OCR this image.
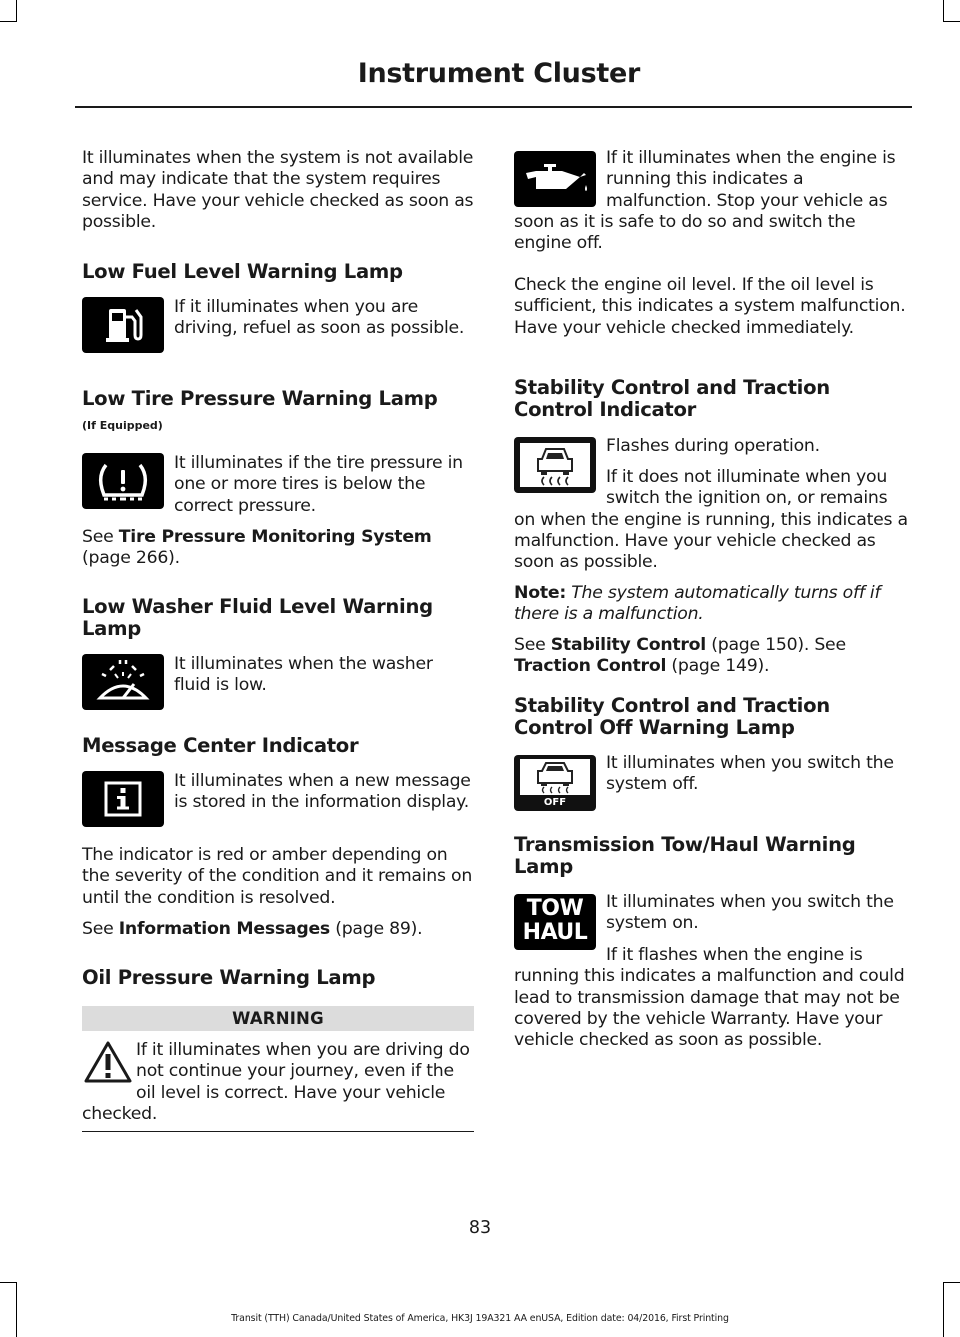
Instrument Cluster

It illuminates when the system is not available and may indicate that the system requires service. Have your vehicle checked as soon as possible.

Low Fuel Level Warning Lamp

If it illuminates when you are driving, refuel as soon as possible.

Low Tire Pressure Warning Lamp

(If Equipped)

It illuminates if the tire pressure in one or more tires is below the correct pressure.

See Tire Pressure Monitoring System
(page 266).

Low Washer Fluid Level Warning
Lamp

It illuminates when the washer fluid is low.

Message Center Indicator

It illuminates when a new message is stored in the information display.

The indicator is red or amber depending on the severity of the condition and it remains on until the condition is resolved.

See Information Messages (page 89).

Oil Pressure Warning Lamp
WARNING

If it illuminates when you are driving do not continue your journey, even if the oil level is correct. Have your vehicle checked.

If it illuminates when the engine is running this indicates a malfunction. Stop your vehicle as soon as it is safe to do so and switch the engine off.

Check the engine oil level. If the oil level is sufficient, this indicates a system malfunction. Have your vehicle checked immediately.

Stability Control and Traction
Control Indicator

Flashes during operation.

If it does not illuminate when you switch the ignition on, or remains on when the engine is running, this indicates a malfunction. Have your vehicle checked as soon as possible.

Note: The system automatically turns off if there is a malfunction.

See Stability Control (page 150). See
Traction Control (page 149).

Stability Control and Traction
Control Off Warning Lamp
OFF

It illuminates when you switch the system off.

Transmission Tow/Haul Warning
Lamp
TOW
HAUL

It illuminates when you switch the system on.

If it flashes when the engine is running this indicates a malfunction and could lead to transmission damage that may not be covered by the vehicle Warranty. Have your vehicle checked as soon as possible.

83
Transit (TTH) Canada/United States of America, HK3J 19A321 AA enUSA, Edition date: 04/2016, First Printing
